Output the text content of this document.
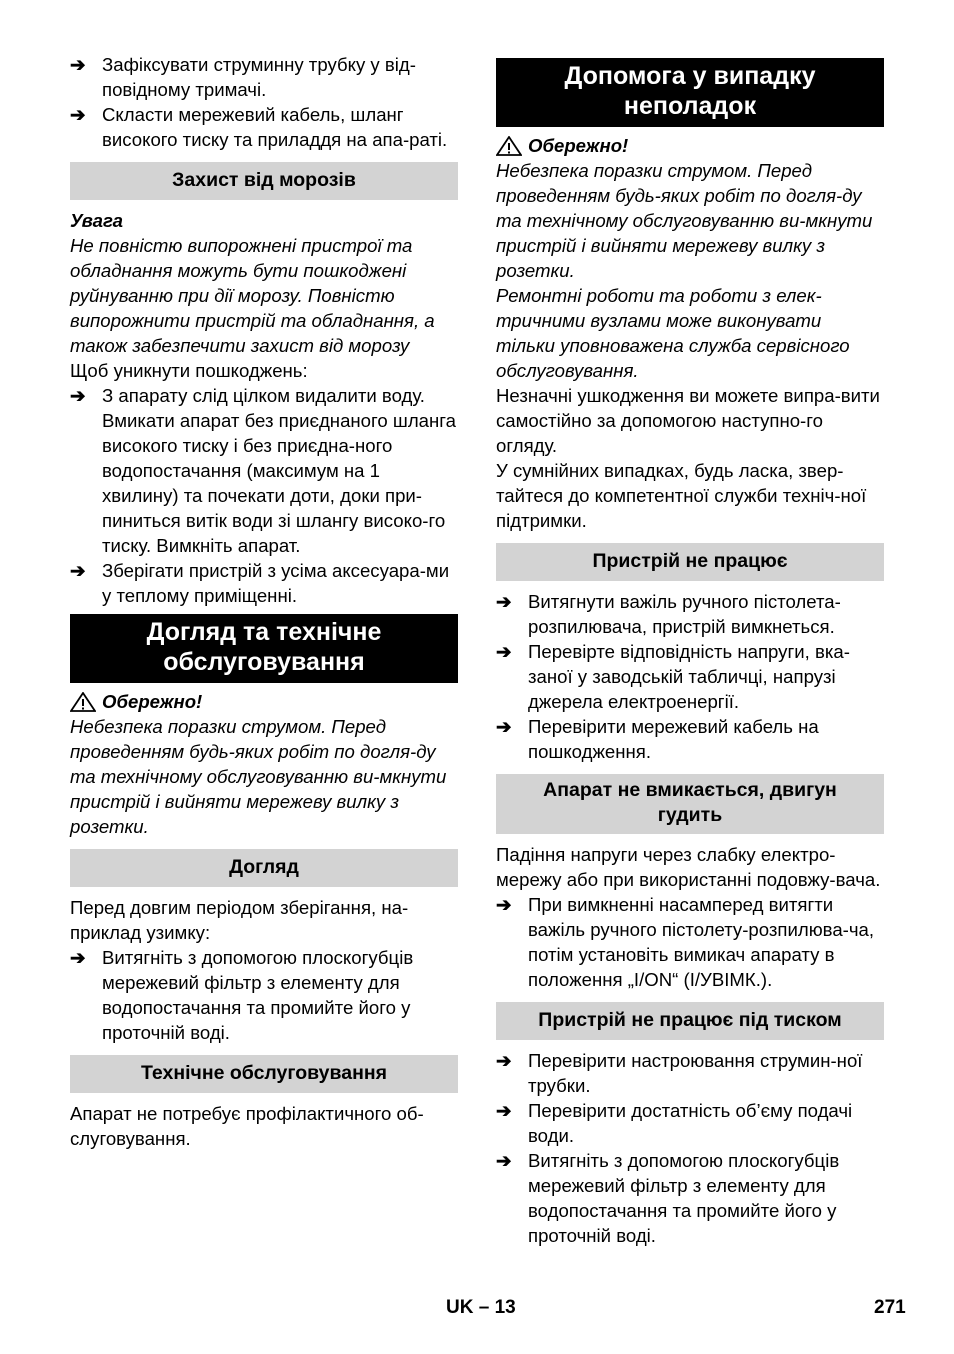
➔ Зафіксувати струминну трубку у від-повідному тримачі.
➔ Скласти мережевий кабель, шланг високого тиску та приладдя на апа-раті.
Захист від морозів

Увага

Не повністю випорожнені пристрої та обладнання можуть бути пошкоджені руйнуванню при дії морозу. Повністю випорожнити пристрій та обладнання, а також забезпечити захист від морозу

Щоб уникнути пошкоджень:

➔ З апарату слід цілком видалити воду. Вмикати апарат без приєднаного шланга високого тиску і без приєдна-ного водопостачання (максимум на 1 хвилину) та почекати доти, доки при-пиниться витік води зі шлангу високо-го тиску. Вимкніть апарат.
➔ Зберігати пристрій з усіма аксесуара-ми у теплому приміщенні.
Догляд та технічне
обслуговування
Обережно!

Небезпека поразки струмом. Перед проведенням будь-яких робіт по догля-ду та технічному обслуговуванню ви-мкнути пристрій і вийняти мережеву вилку з розетки.

Догляд

Перед довгим періодом зберігання, на-приклад узимку:

➔ Витягніть з допомогою плоскогубців мережевий фільтр з елементу для водопостачання та промийте його у проточній воді.
Технічне обслуговування

Апарат не потребує профілактичного об-слуговування.

Допомога у випадку
неполадок
Обережно!

Небезпека поразки струмом. Перед проведенням будь-яких робіт по догля-ду та технічному обслуговуванню ви-мкнути пристрій і вийняти мережеву вилку з розетки.

Ремонтні роботи та роботи з елек-тричними вузлами може виконувати тільки уповноважена служба сервісного обслуговування.

Незначні ушкодження ви можете випра-вити самостійно за допомогою наступно-го огляду.

У сумнійних випадках, будь ласка, звер-тайтеся до компетентної служби техніч-ної підтримки.

Пристрій не працює
➔ Витягнути важіль ручного пістолета-розпилювача, пристрій вимкнеться.
➔ Перевірте відповідність напруги, вка-заної у заводській табличці, напрузі джерела електроенергії.
➔ Перевірити мережевий кабель на пошкодження.
Апарат не вмикається, двигун
гудить

Падіння напруги через слабку електро-мережу або при використанні подовжу-вача.

➔ При вимкненні насамперед витягти важіль ручного пістолету-розпилюва-ча, потім установіть вимикач апарату в положення „I/ON“ (I/УВІМК.).
Пристрій не працює під тиском
➔ Перевірити настроювання струмин-ної трубки.
➔ Перевірити достатність об’єму подачі води.
➔ Витягніть з допомогою плоскогубців мережевий фільтр з елементу для водопостачання та промийте його у проточній воді.
UK – 13	271
